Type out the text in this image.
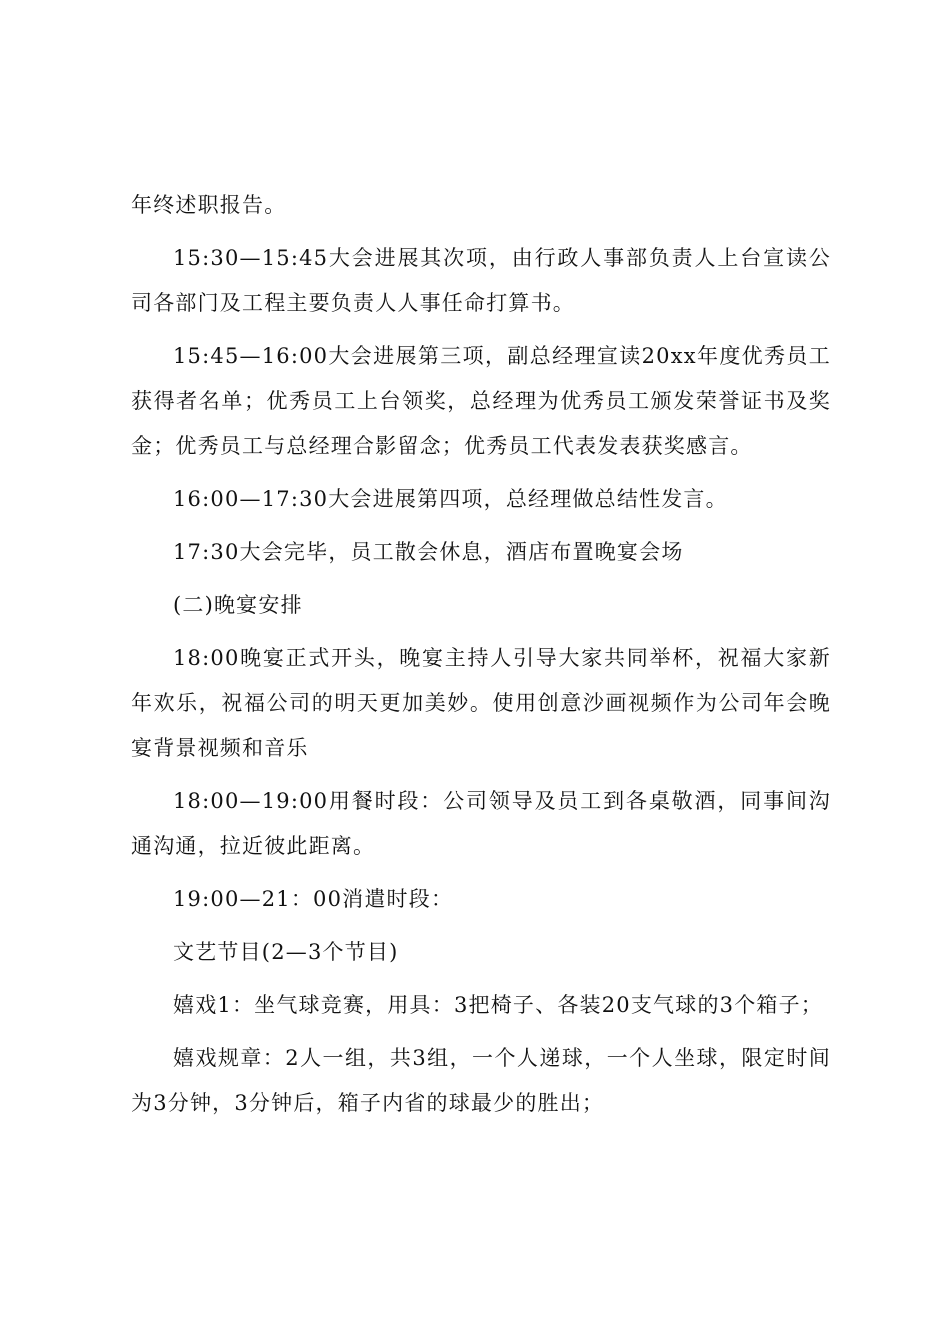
年终述职报告。

15:30—15:45大会进展其次项，由行政人事部负责人上台宣读公司各部门及工程主要负责人人事任命打算书。

15:45—16:00大会进展第三项，副总经理宣读20xx年度优秀员工获得者名单；优秀员工上台领奖，总经理为优秀员工颁发荣誉证书及奖金；优秀员工与总经理合影留念；优秀员工代表发表获奖感言。

16:00—17:30大会进展第四项，总经理做总结性发言。

17:30大会完毕，员工散会休息，酒店布置晚宴会场

(二)晚宴安排

18:00晚宴正式开头，晚宴主持人引导大家共同举杯，祝福大家新年欢乐，祝福公司的明天更加美妙。使用创意沙画视频作为公司年会晚宴背景视频和音乐

18:00—19:00用餐时段：公司领导及员工到各桌敬酒，同事间沟通沟通，拉近彼此距离。

19:00—21：00消遣时段：

文艺节目(2—3个节目)

嬉戏1：坐气球竞赛，用具：3把椅子、各装20支气球的3个箱子；

嬉戏规章：2人一组，共3组，一个人递球，一个人坐球，限定时间为3分钟，3分钟后，箱子内省的球最少的胜出；
